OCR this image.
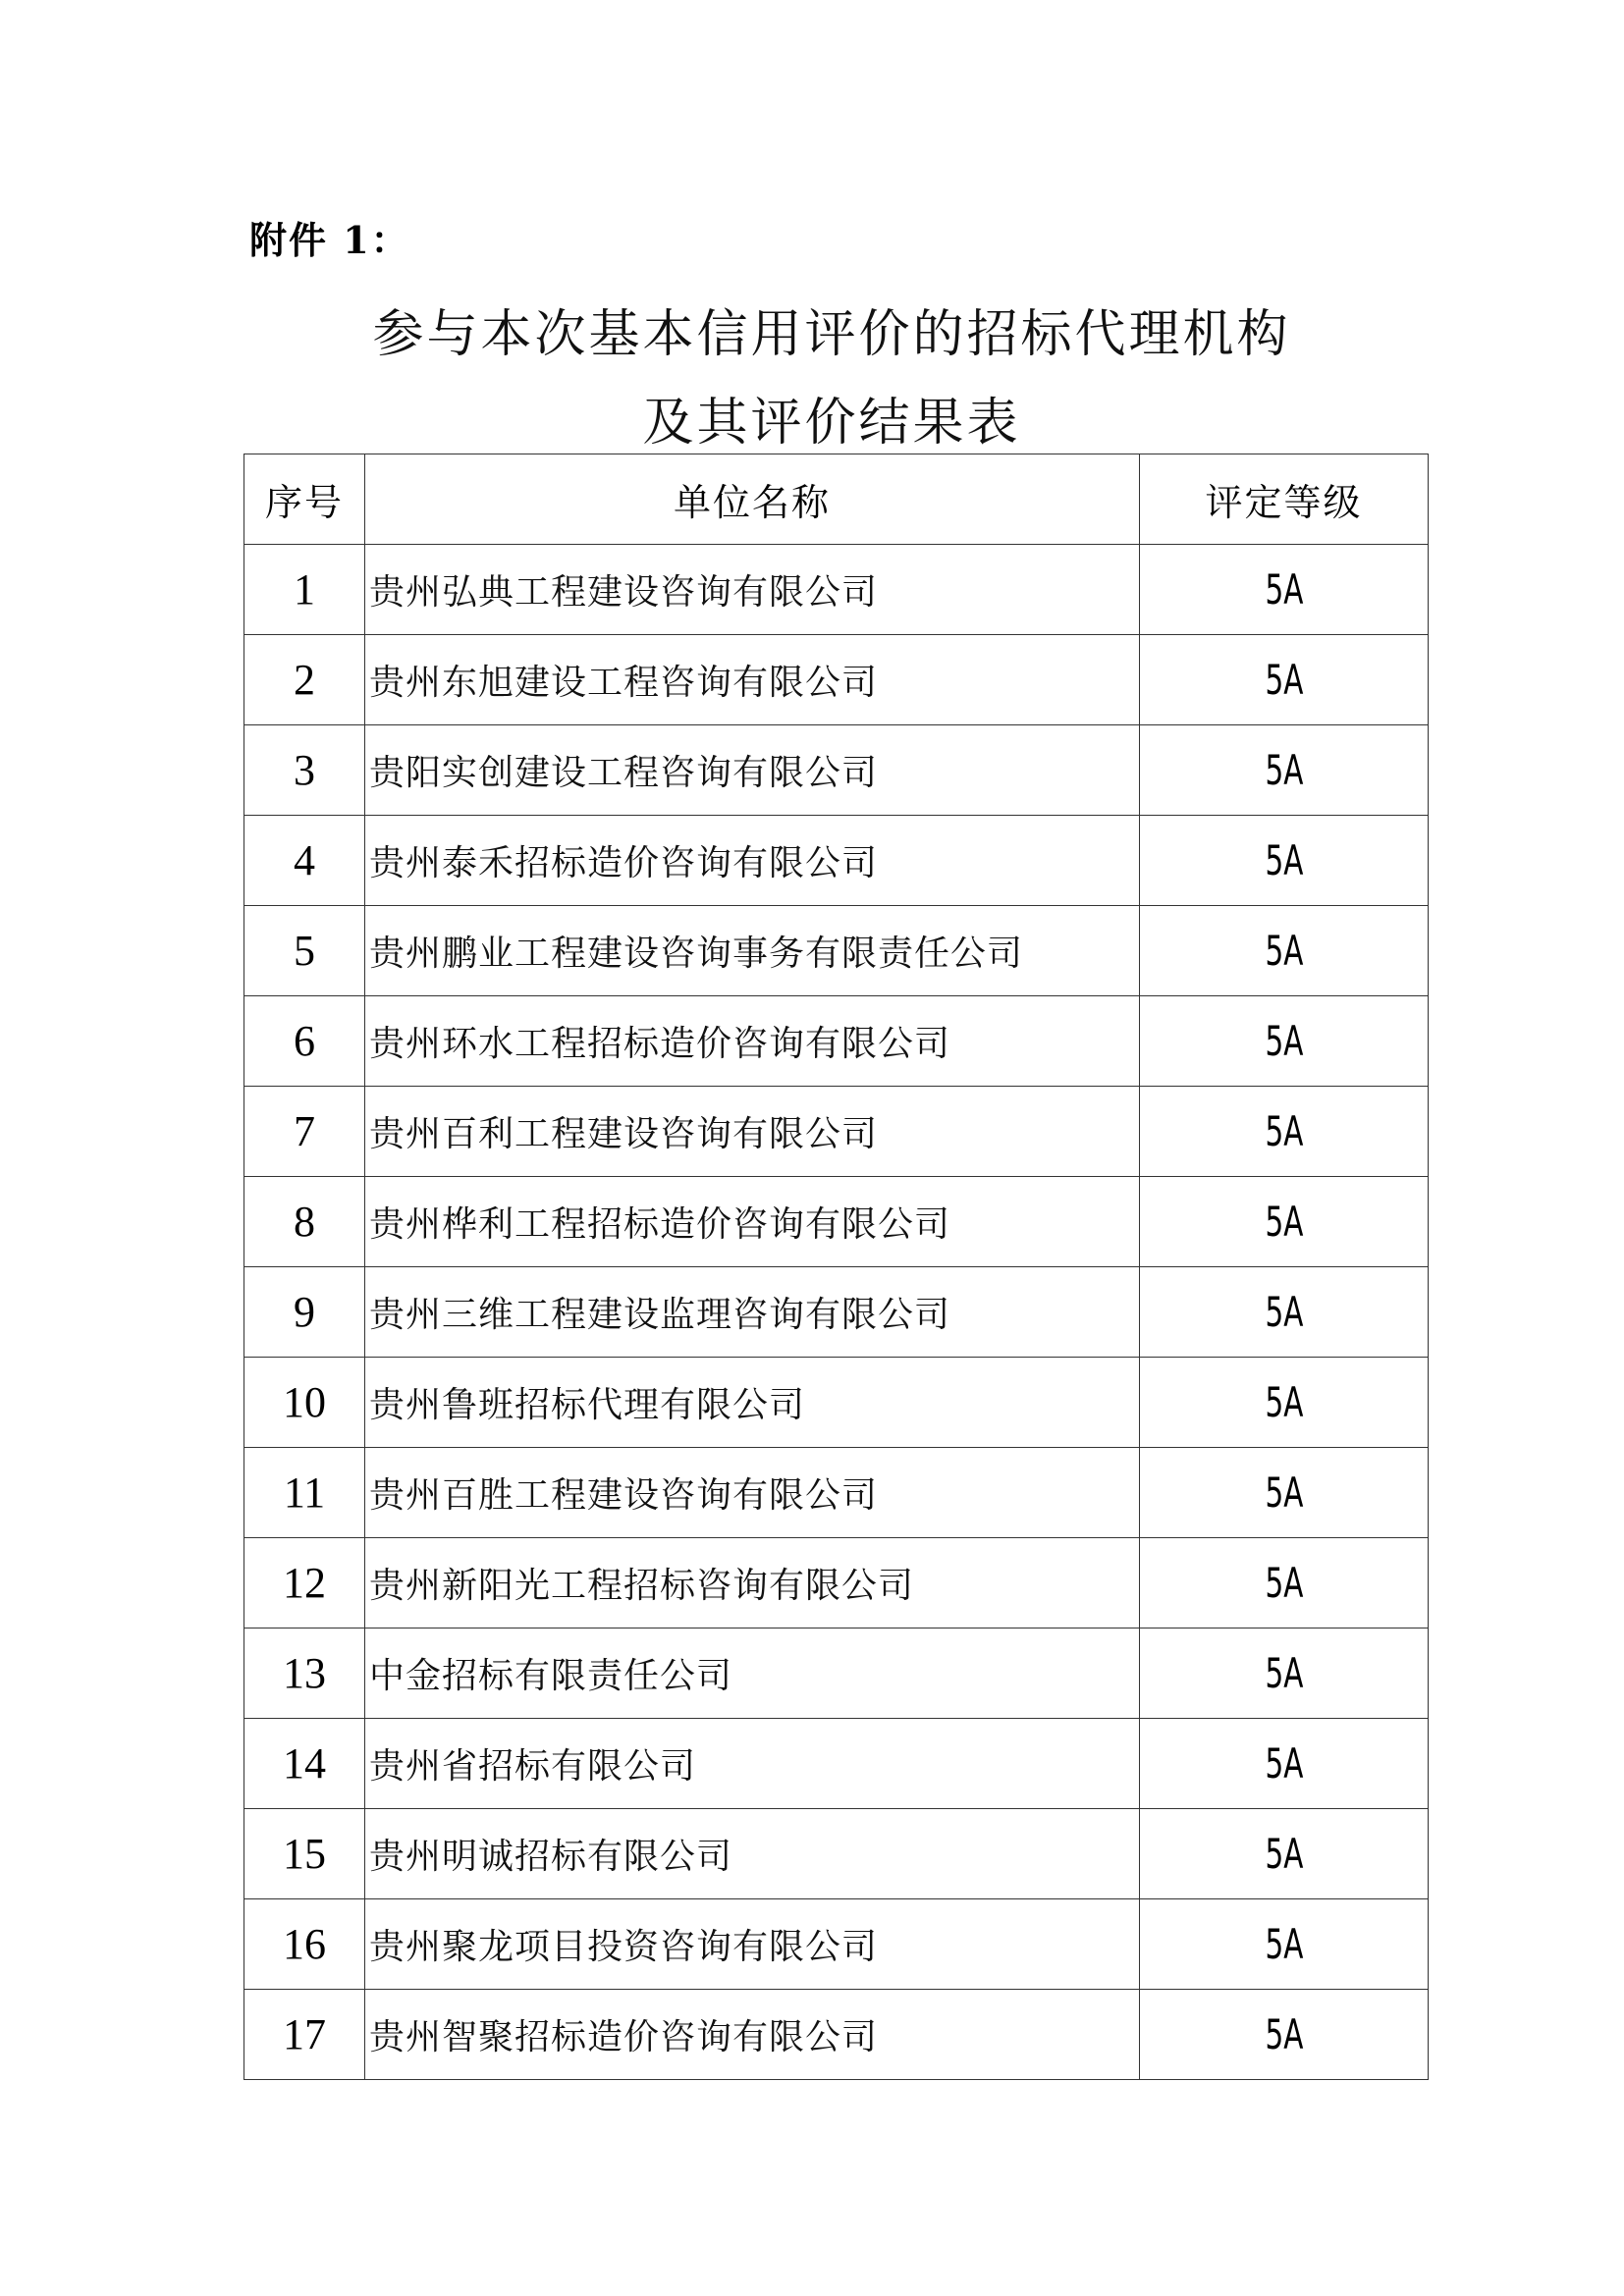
附件 1：
参与本次基本信用评价的招标代理机构
及其评价结果表
序号	单位名称	评定等级
1	贵州弘典工程建设咨询有限公司	5A
2	贵州东旭建设工程咨询有限公司	5A
3	贵阳实创建设工程咨询有限公司	5A
4	贵州泰禾招标造价咨询有限公司	5A
5	贵州鹏业工程建设咨询事务有限责任公司	5A
6	贵州环水工程招标造价咨询有限公司	5A
7	贵州百利工程建设咨询有限公司	5A
8	贵州桦利工程招标造价咨询有限公司	5A
9	贵州三维工程建设监理咨询有限公司	5A
10	贵州鲁班招标代理有限公司	5A
11	贵州百胜工程建设咨询有限公司	5A
12	贵州新阳光工程招标咨询有限公司	5A
13	中金招标有限责任公司	5A
14	贵州省招标有限公司	5A
15	贵州明诚招标有限公司	5A
16	贵州聚龙项目投资咨询有限公司	5A
17	贵州智聚招标造价咨询有限公司	5A
